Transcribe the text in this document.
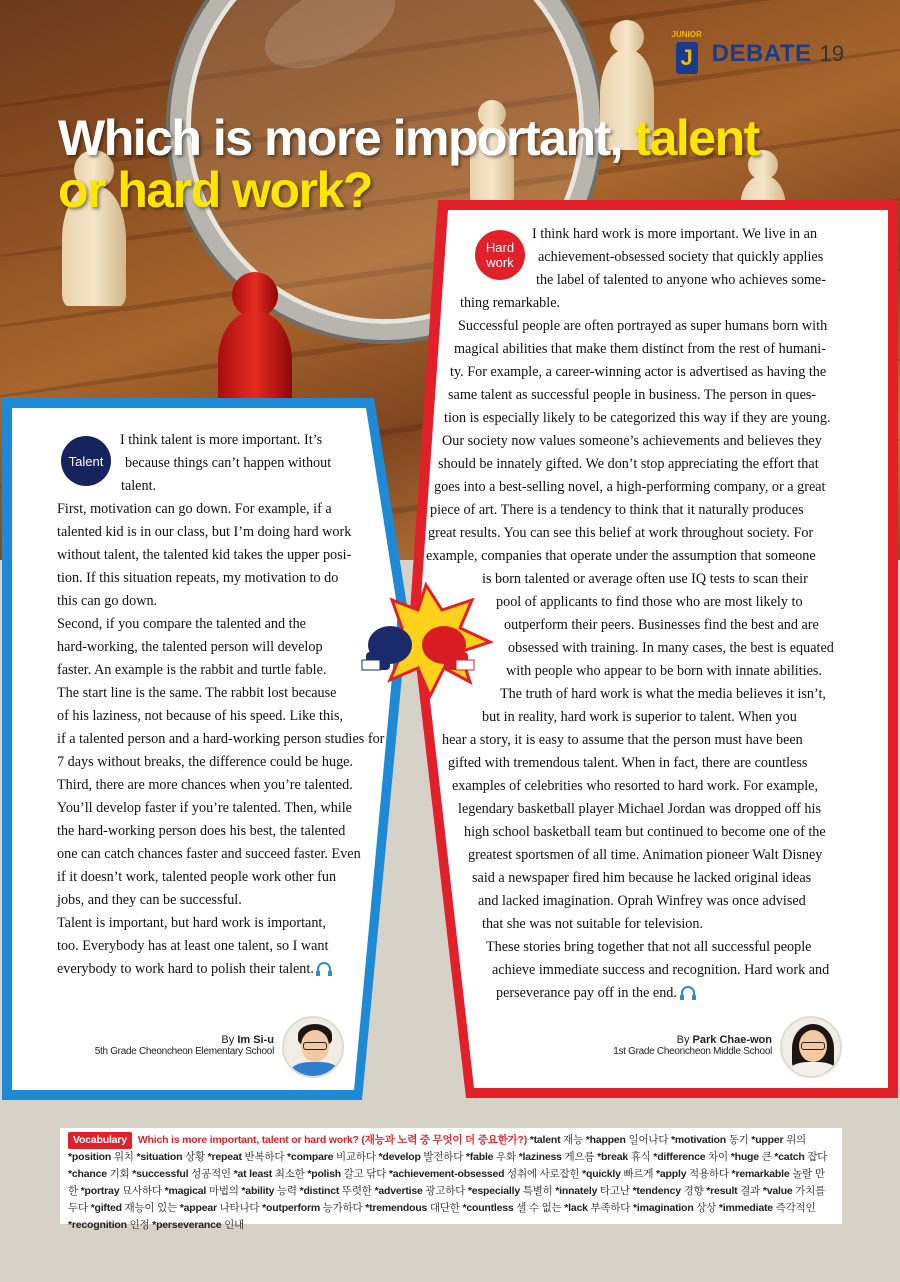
JUNIOR
J DEBATE 19
Which is more important, talent
or hard work?
Talent
I think talent is more important. It’s
because things can’t happen without
talent.
First, motivation can go down. For example, if a
talented kid is in our class, but I’m doing hard work
without talent, the talented kid takes the upper posi-
tion. If this situation repeats, my motivation to do
this can go down.
Second, if you compare the talented and the
hard-working, the talented person will develop
faster. An example is the rabbit and turtle fable.
The start line is the same. The rabbit lost because
of his laziness, not because of his speed. Like this,
if a talented person and a hard-working person studies for
7 days without breaks, the difference could be huge.
Third, there are more chances when you’re talented.
You’ll develop faster if you’re talented. Then, while
the hard-working person does his best, the talented
one can catch chances faster and succeed faster. Even
if it doesn’t work, talented people work other fun
jobs, and they can be successful.
Talent is important, but hard work is important,
too. Everybody has at least one talent, so I want
everybody to work hard to polish their talent.
By Im Si-u
5th Grade Cheoncheon Elementary School
Hard
work
I think hard work is more important. We live in an
achievement-obsessed society that quickly applies
the label of talented to anyone who achieves some-
thing remarkable.
Successful people are often portrayed as super humans born with
magical abilities that make them distinct from the rest of humani-
ty. For example, a career-winning actor is advertised as having the
same talent as successful people in business. The person in ques-
tion is especially likely to be categorized this way if they are young.
Our society now values someone’s achievements and believes they
should be innately gifted. We don’t stop appreciating the effort that
goes into a best-selling novel, a high-performing company, or a great
piece of art. There is a tendency to think that it naturally produces
great results. You can see this belief at work throughout society. For
example, companies that operate under the assumption that someone
is born talented or average often use IQ tests to scan their
pool of applicants to find those who are most likely to
outperform their peers. Businesses find the best and are
obsessed with training. In many cases, the best is equated
with people who appear to be born with innate abilities.
The truth of hard work is what the media believes it isn’t,
but in reality, hard work is superior to talent. When you
hear a story, it is easy to assume that the person must have been
gifted with tremendous talent. When in fact, there are countless
examples of celebrities who resorted to hard work. For example,
legendary basketball player Michael Jordan was dropped off his
high school basketball team but continued to become one of the
greatest sportsmen of all time. Animation pioneer Walt Disney
said a newspaper fired him because he lacked original ideas
and lacked imagination. Oprah Winfrey was once advised
that she was not suitable for television.
These stories bring together that not all successful people
achieve immediate success and recognition. Hard work and
perseverance pay off in the end.
By Park Chae-won
1st Grade Cheoncheon Middle School
Vocabulary Which is more important, talent or hard work? (재능과 노력 중 무엇이 더 중요한가?) *talent 재능 *happen 일어나다 *motivation 동기 *upper 위의 *position 위치 *situation 상황 *repeat 반복하다 *compare 비교하다 *develop 발전하다 *fable 우화 *laziness 게으름 *break 휴식 *difference 차이 *huge 큰 *catch 잡다 *chance 기회 *successful 성공적인 *at least 최소한 *polish 갈고 닦다 *achievement-obsessed 성취에 사로잡힌 *quickly 빠르게 *apply 적용하다 *remarkable 놀랄 만한 *portray 묘사하다 *magical 마법의 *ability 능력 *distinct 뚜렷한 *advertise 광고하다 *especially 특별히 *innately 타고난 *tendency 경향 *result 결과 *value 가치를 두다 *gifted 재능이 있는 *appear 나타나다 *outperform 능가하다 *tremendous 대단한 *countless 셀 수 없는 *lack 부족하다 *imagination 상상 *immediate 즉각적인 *recognition 인정 *perseverance 인내
